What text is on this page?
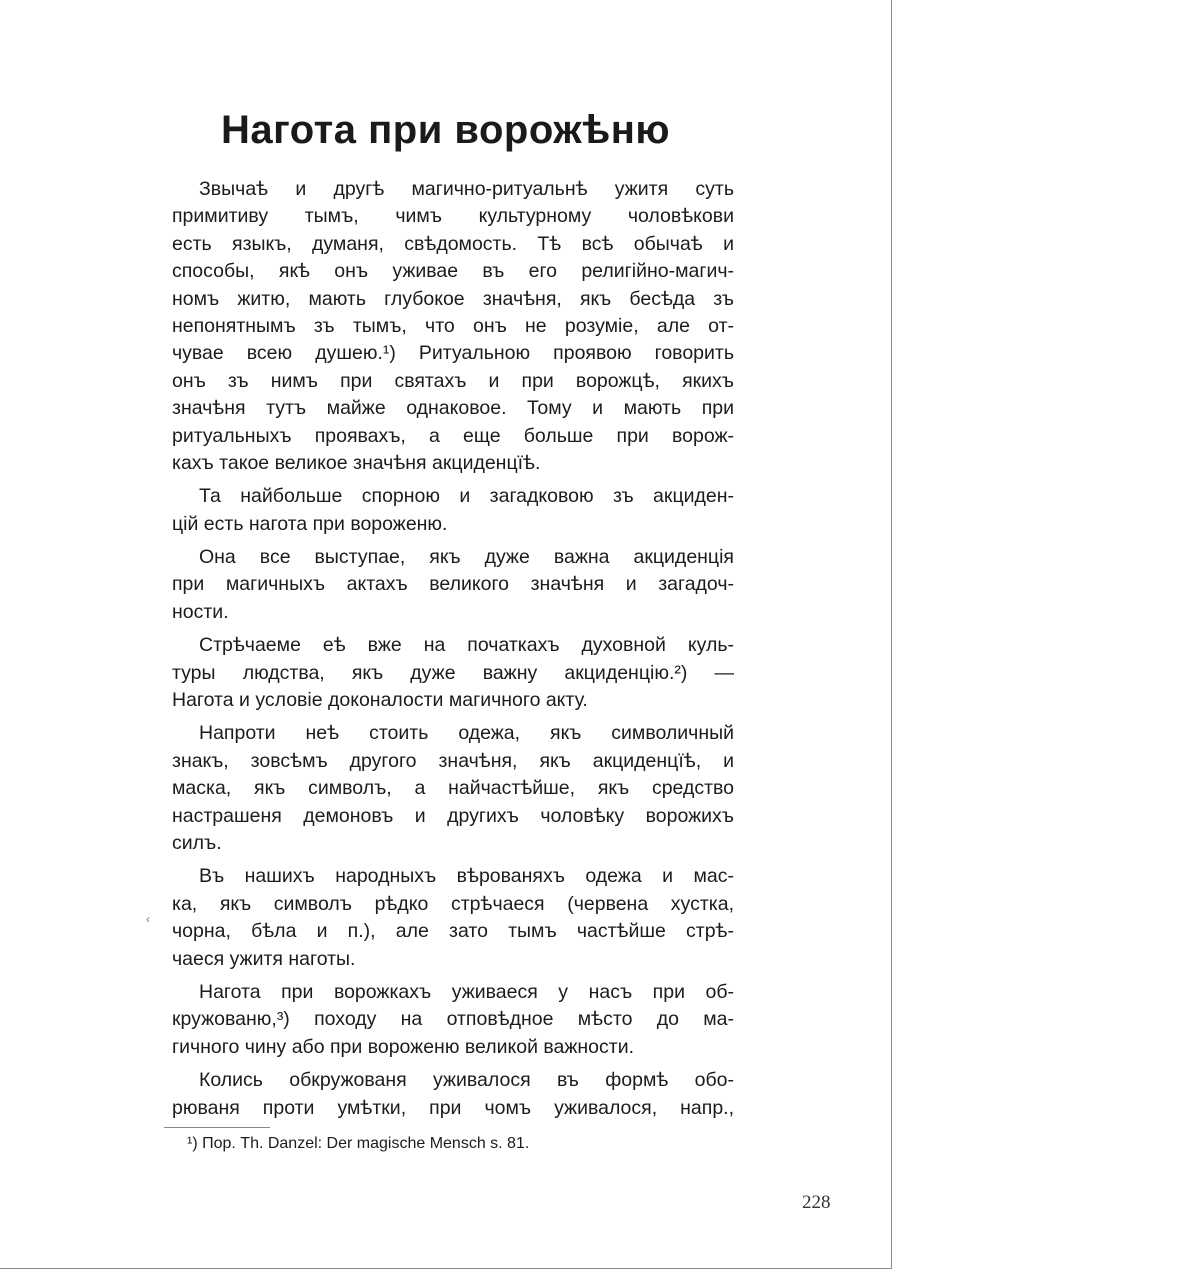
Нагота при ворожѣню
Звычаѣ и другѣ магично-ритуальнѣ ужитя суть
примитиву тымъ, чимъ культурному чоловѣкови
есть языкъ, думаня, свѣдомость. Тѣ всѣ обычаѣ и
способы, якѣ онъ уживае въ его религійно-магич-
номъ житю, мають глубокое значѣня, якъ бесѣда зъ
непонятнымъ зъ тымъ, что онъ не розуміе, але от-
чувае всею душею.¹) Ритуальною проявою говорить
онъ зъ нимъ при святахъ и при ворожцѣ, якихъ
значѣня тутъ майже однаковое. Тому и мають при
ритуальныхъ проявахъ, а еще больше при ворож-
кахъ такое великое значѣня акциденцїѣ.
Та найбольше спорною и загадковою зъ акциден-
цій есть нагота при вороженю.
Она все выступае, якъ дуже важна акциденція
при магичныхъ актахъ великого значѣня и загадоч-
ности.
Стрѣчаеме еѣ вже на початкахъ духовной куль-
туры людства, якъ дуже важну акциденцію.²) —
Нагота и условіе доконалости магичного акту.
Напроти неѣ стоить одежа, якъ символичный
знакъ, зовсѣмъ другого значѣня, якъ акциденцїѣ, и
маска, якъ символъ, а найчастѣйше, якъ средство
настрашеня демоновъ и другихъ чоловѣку ворожихъ
силъ.
Въ нашихъ народныхъ вѣрованяхъ одежа и мас-
ка, якъ символъ рѣдко стрѣчаеся (червена хустка,
чорна, бѣла и п.), але зато тымъ частѣйше стрѣ-
чаеся ужитя наготы.
Нагота при ворожкахъ уживаеся у насъ при об-
кружованю,³) походу на отповѣдное мѣсто до ма-
гичного чину або при вороженю великой важности.
Колись обкружованя уживалося въ формѣ обо-
рюваня проти умѣтки, при чомъ уживалося, напр.,
‹
¹) Пор. Th. Danzel: Der magische Mensch s. 81.
228
